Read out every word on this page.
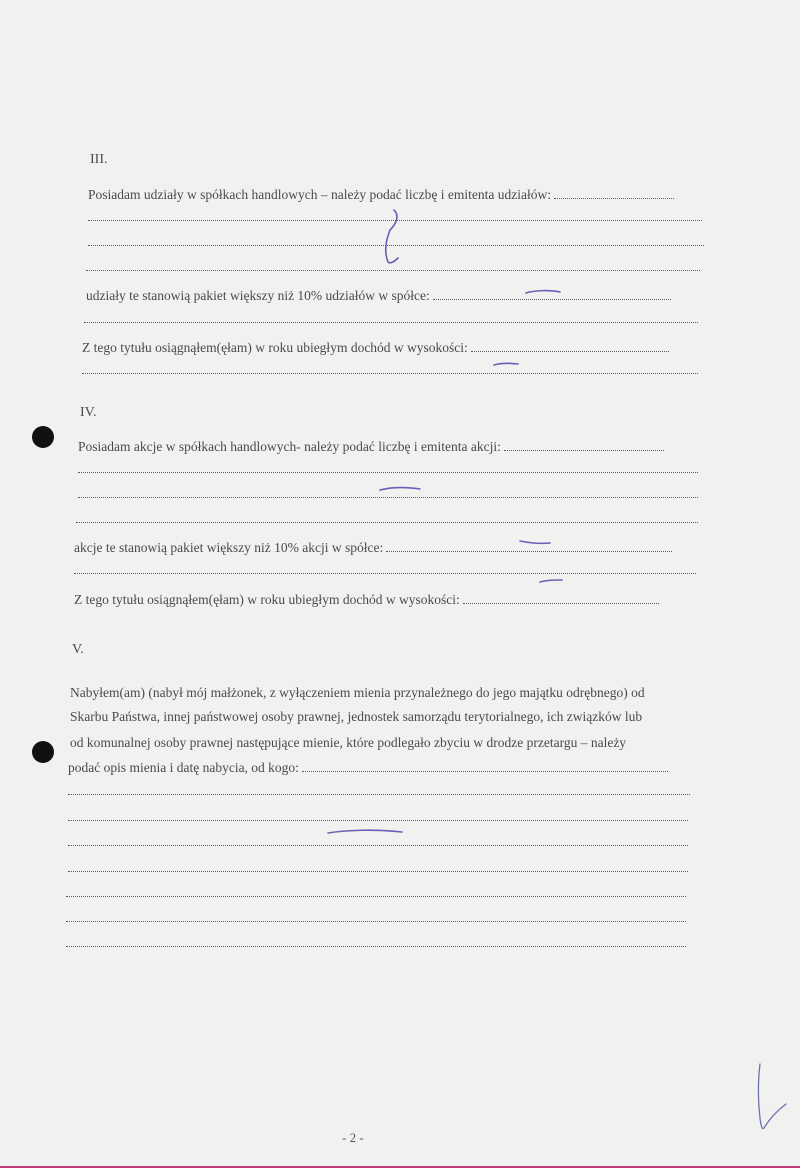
III.
Posiadam udziały w spółkach handlowych – należy podać liczbę i emitenta udziałów:
udziały te stanowią pakiet większy niż 10% udziałów w spółce:
Z tego tytułu osiągnąłem(ęłam) w roku ubiegłym dochód w wysokości:
IV.
Posiadam akcje w spółkach handlowych- należy podać liczbę i emitenta akcji:
akcje te stanowią pakiet większy niż 10% akcji w spółce:
Z tego tytułu osiągnąłem(ęłam) w roku ubiegłym dochód w wysokości:
V.
Nabyłem(am) (nabył mój małżonek, z wyłączeniem mienia przynależnego do jego majątku odrębnego) od
Skarbu Państwa, innej państwowej osoby prawnej, jednostek samorządu terytorialnego, ich związków lub
od komunalnej osoby prawnej następujące mienie, które podlegało zbyciu w drodze przetargu – należy
podać opis mienia i datę nabycia, od kogo:
- 2 -
